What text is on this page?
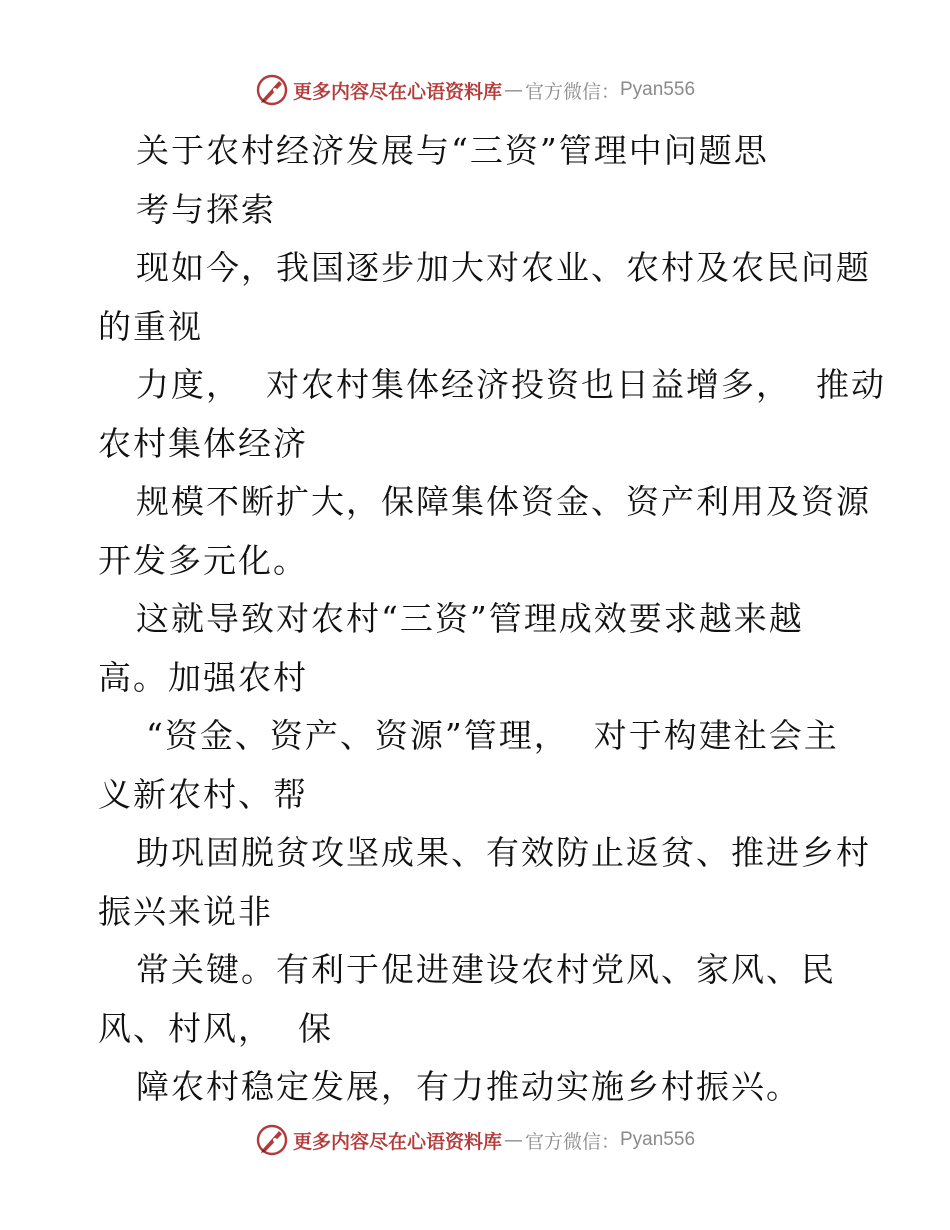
更多内容尽在心语资料库 — 官方微信： Pyan556
关于农村经济发展与“三资”管理中问题思
考与探索
现如今，我国逐步加大对农业、农村及农民问题
的重视
力度，  对农村集体经济投资也日益增多，  推动
农村集体经济
规模不断扩大，保障集体资金、资产利用及资源
开发多元化。
这就导致对农村“三资”管理成效要求越来越
高。加强农村
“资金、资产、资源”管理，  对于构建社会主
义新农村、帮
助巩固脱贫攻坚成果、有效防止返贫、推进乡村
振兴来说非
常关键。有利于促进建设农村党风、家风、民
风、村风，  保
障农村稳定发展，有力推动实施乡村振兴。
更多内容尽在心语资料库 — 官方微信： Pyan556
